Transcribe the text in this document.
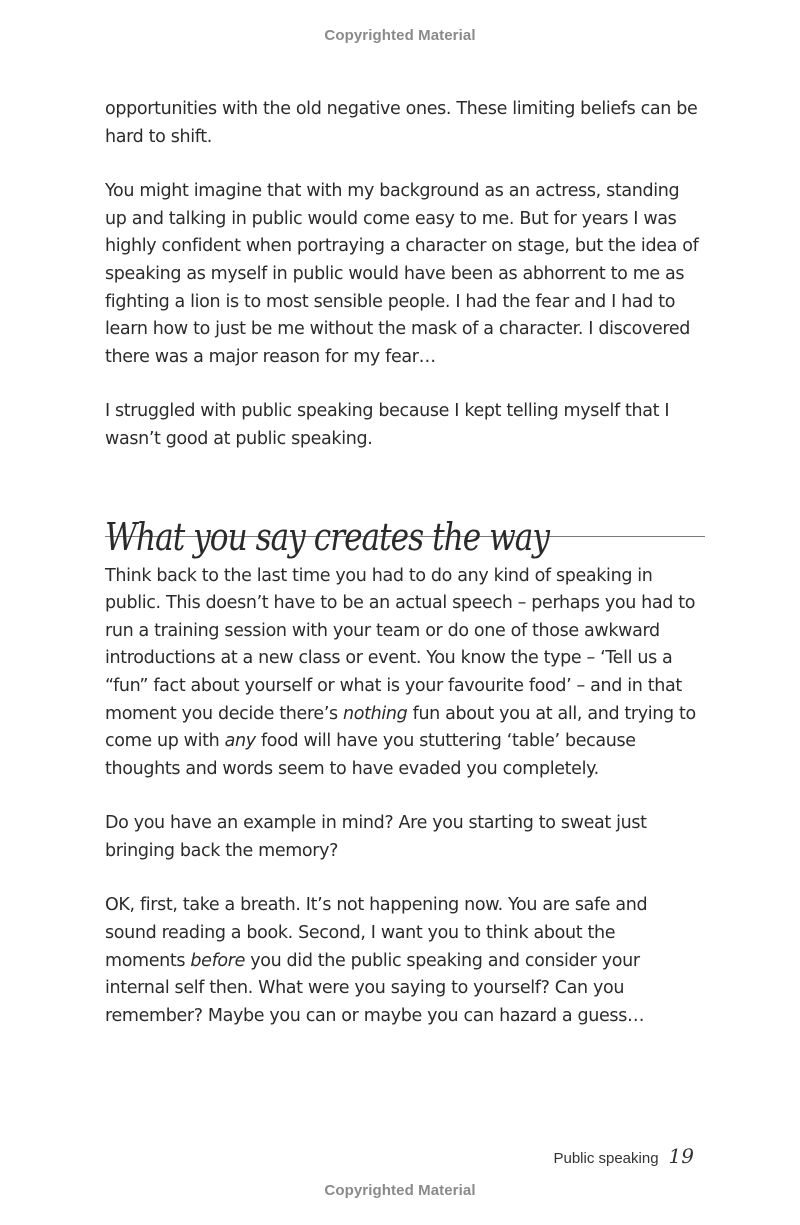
Copyrighted Material

opportunities with the old negative ones. These limiting beliefs can be hard to shift.

You might imagine that with my background as an actress, standing up and talking in public would come easy to me. But for years I was highly confident when portraying a character on stage, but the idea of speaking as myself in public would have been as abhorrent to me as fighting a lion is to most sensible people. I had the fear and I had to learn how to just be me without the mask of a character. I discovered there was a major reason for my fear…

I struggled with public speaking because I kept telling myself that I wasn’t good at public speaking.

What you say creates the way

Think back to the last time you had to do any kind of speaking in public. This doesn’t have to be an actual speech – perhaps you had to run a training session with your team or do one of those awkward introductions at a new class or event. You know the type – ‘Tell us a “fun” fact about yourself or what is your favourite food’ – and in that moment you decide there’s nothing fun about you at all, and trying to come up with any food will have you stuttering ‘table’ because thoughts and words seem to have evaded you completely.

Do you have an example in mind? Are you starting to sweat just bringing back the memory?

OK, first, take a breath. It’s not happening now. You are safe and sound reading a book. Second, I want you to think about the moments before you did the public speaking and consider your internal self then. What were you saying to yourself? Can you remember? Maybe you can or maybe you can hazard a guess…

Public speaking 19
Copyrighted Material
